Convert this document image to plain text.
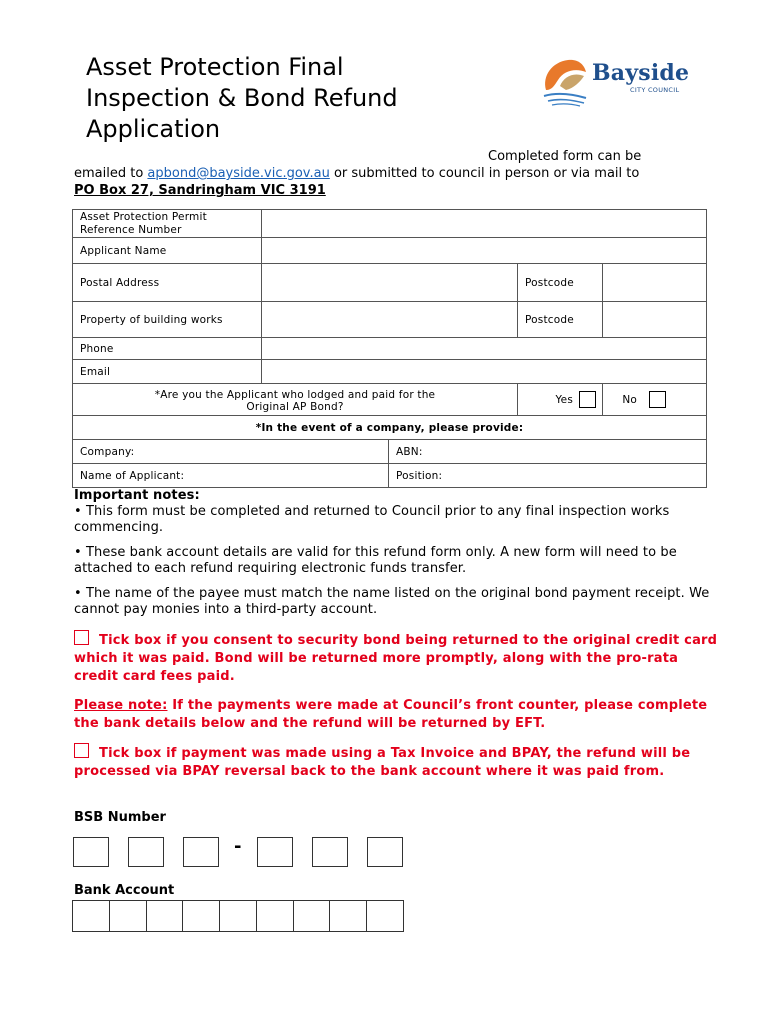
Asset Protection Final
Inspection & Bond Refund
Application
Bayside
CITY COUNCIL
Completed form can be
emailed to apbond@bayside.vic.gov.au or submitted to council in person or via mail to
PO Box 27, Sandringham VIC 3191
Asset Protection Permit Reference Number				
Applicant Name				
Postal Address			Postcode	
Property of building works			Postcode	
Phone				
Email				

*Are you the Applicant who lodged and paid for the
Original AP Bond?			Yes	No
*In the event of a company, please provide:				
Company:		ABN:		
Name of Applicant:		Position:		
Important notes:

• This form must be completed and returned to Council prior to any final inspection works commencing.

• These bank account details are valid for this refund form only. A new form will need to be attached to each refund requiring electronic funds transfer.

• The name of the payee must match the name listed on the original bond payment receipt. We cannot pay monies into a third-party account.

Tick box if you consent to security bond being returned to the original credit card which it was paid. Bond will be returned more promptly, along with the pro-rata credit card fees paid.
Please note: If the payments were made at Council’s front counter, please complete the bank details below and the refund will be returned by EFT.
Tick box if payment was made using a Tax Invoice and BPAY, the refund will be processed via BPAY reversal back to the bank account where it was paid from.
BSB Number
-
Bank Account
